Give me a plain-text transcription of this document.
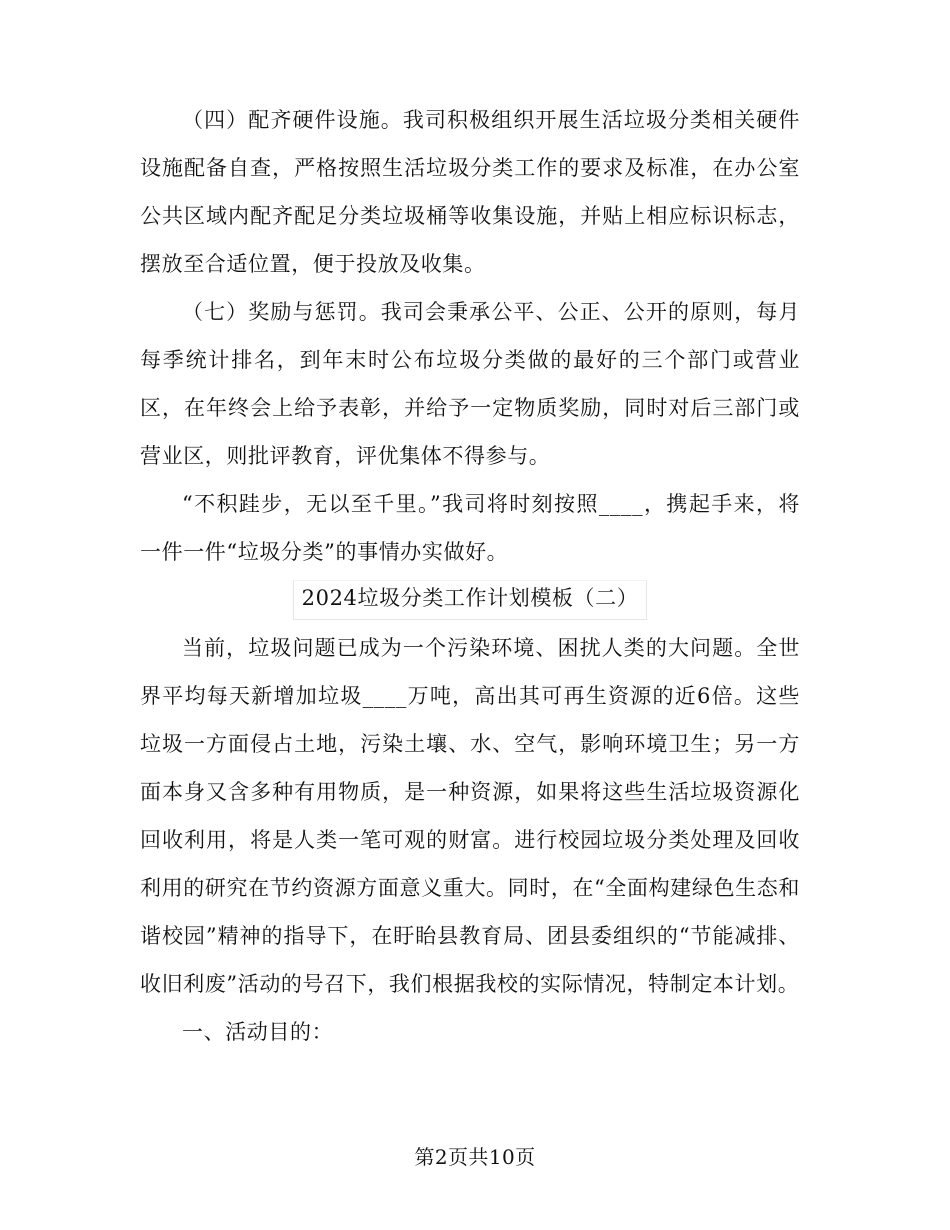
（四）配齐硬件设施。我司积极组织开展生活垃圾分类相关硬件设施配备自查，严格按照生活垃圾分类工作的要求及标准，在办公室公共区域内配齐配足分类垃圾桶等收集设施，并贴上相应标识标志，摆放至合适位置，便于投放及收集。

（七）奖励与惩罚。我司会秉承公平、公正、公开的原则，每月每季统计排名，到年末时公布垃圾分类做的最好的三个部门或营业区，在年终会上给予表彰，并给予一定物质奖励，同时对后三部门或营业区，则批评教育，评优集体不得参与。

“不积跬步，无以至千里。”我司将时刻按照____，携起手来，将一件一件“垃圾分类”的事情办实做好。

2024垃圾分类工作计划模板（二）

当前，垃圾问题已成为一个污染环境、困扰人类的大问题。全世界平均每天新增加垃圾____万吨，高出其可再生资源的近6倍。这些垃圾一方面侵占土地，污染土壤、水、空气，影响环境卫生；另一方面本身又含多种有用物质，是一种资源，如果将这些生活垃圾资源化回收利用，将是人类一笔可观的财富。进行校园垃圾分类处理及回收利用的研究在节约资源方面意义重大。同时，在“全面构建绿色生态和谐校园”精神的指导下，在盱眙县教育局、团县委组织的“节能减排、收旧利废”活动的号召下，我们根据我校的实际情况，特制定本计划。

一、活动目的：

第2页共10页
